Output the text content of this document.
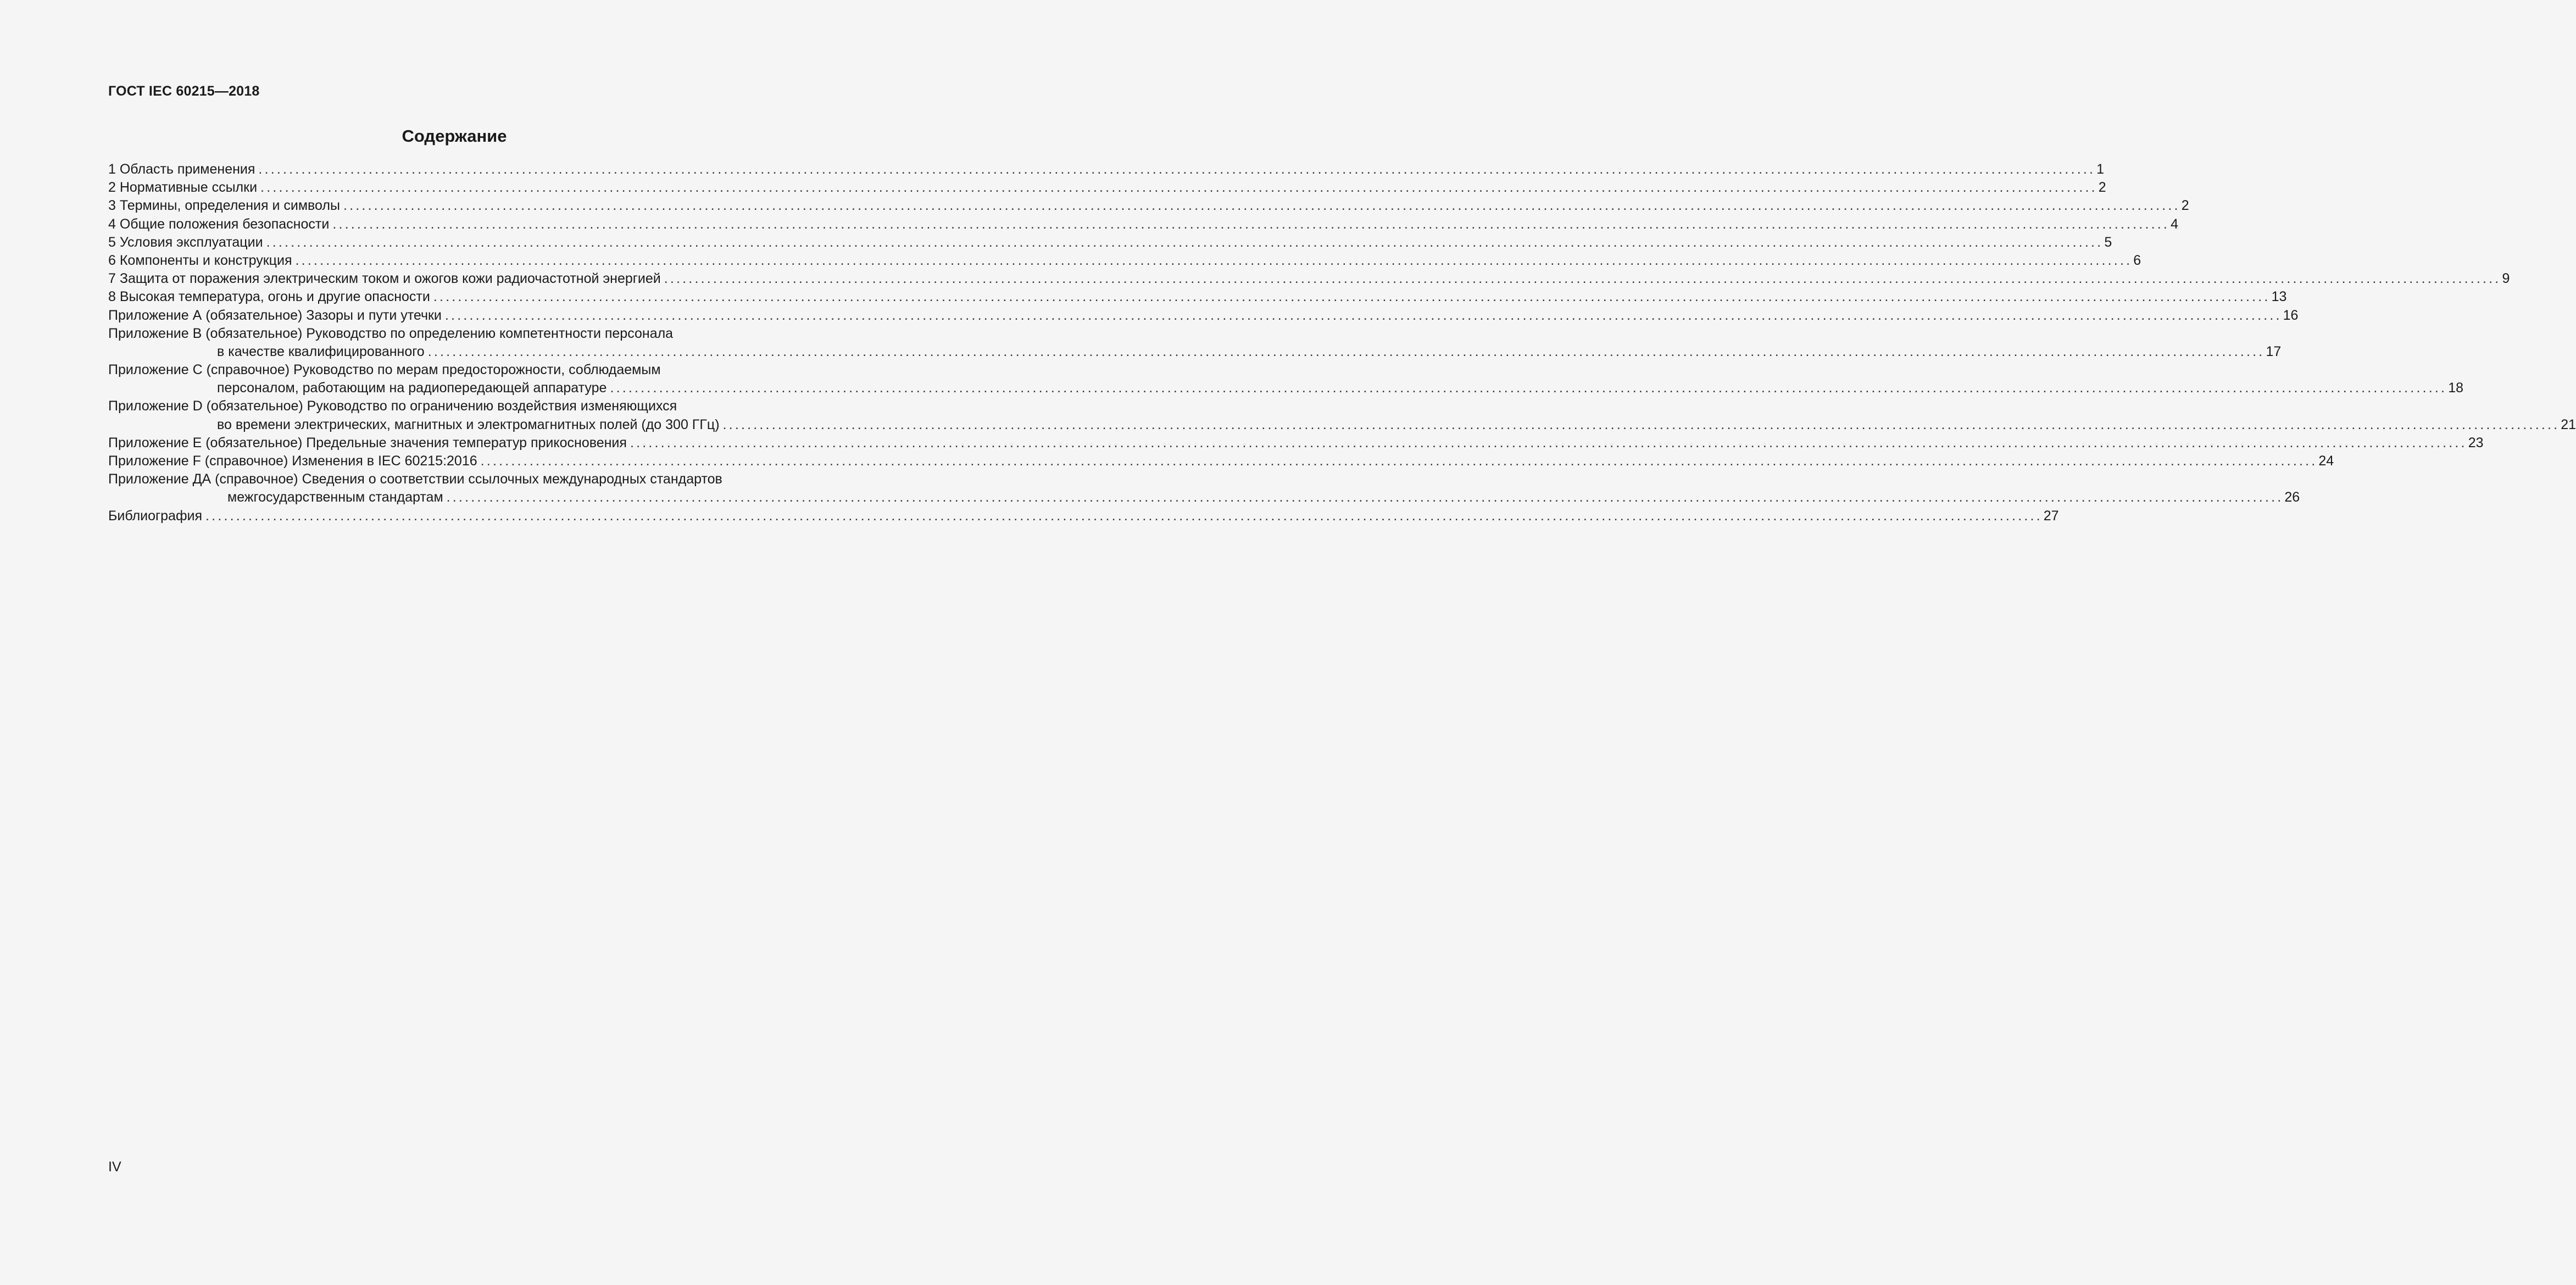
ГОСТ IEC 60215—2018
Содержание
1 Область применения ............................................................................................................................................................................................................................................................................................................ 1
2 Нормативные ссылки ............................................................................................................................................................................................................................................................................................................ 2
3 Термины, определения и символы ............................................................................................................................................................................................................................................................................................................ 2
4 Общие положения безопасности ............................................................................................................................................................................................................................................................................................................ 4
5 Условия эксплуатации ............................................................................................................................................................................................................................................................................................................ 5
6 Компоненты и конструкция ............................................................................................................................................................................................................................................................................................................ 6
7 Защита от поражения электрическим током и ожогов кожи радиочастотной энергией ............................................................................................................................................................................................................................................................................................................ 9
8 Высокая температура, огонь и другие опасности ............................................................................................................................................................................................................................................................................................................ 13
Приложение А (обязательное) Зазоры и пути утечки ............................................................................................................................................................................................................................................................................................................ 16
Приложение В (обязательное) Руководство по определению компетентности персонала
в качестве квалифицированного ............................................................................................................................................................................................................................................................................................................ 17
Приложение С (справочное) Руководство по мерам предосторожности, соблюдаемым
персоналом, работающим на радиопередающей аппаратуре ............................................................................................................................................................................................................................................................................................................ 18
Приложение D (обязательное) Руководство по ограничению воздействия изменяющихся
во времени электрических, магнитных и электромагнитных полей (до 300 ГГц) ............................................................................................................................................................................................................................................................................................................ 21
Приложение Е (обязательное) Предельные значения температур прикосновения ............................................................................................................................................................................................................................................................................................................ 23
Приложение F (справочное) Изменения в IEC 60215:2016 ............................................................................................................................................................................................................................................................................................................ 24
Приложение ДА (справочное) Сведения о соответствии ссылочных международных стандартов
межгосударственным стандартам ............................................................................................................................................................................................................................................................................................................ 26
Библиография ............................................................................................................................................................................................................................................................................................................ 27
IV
